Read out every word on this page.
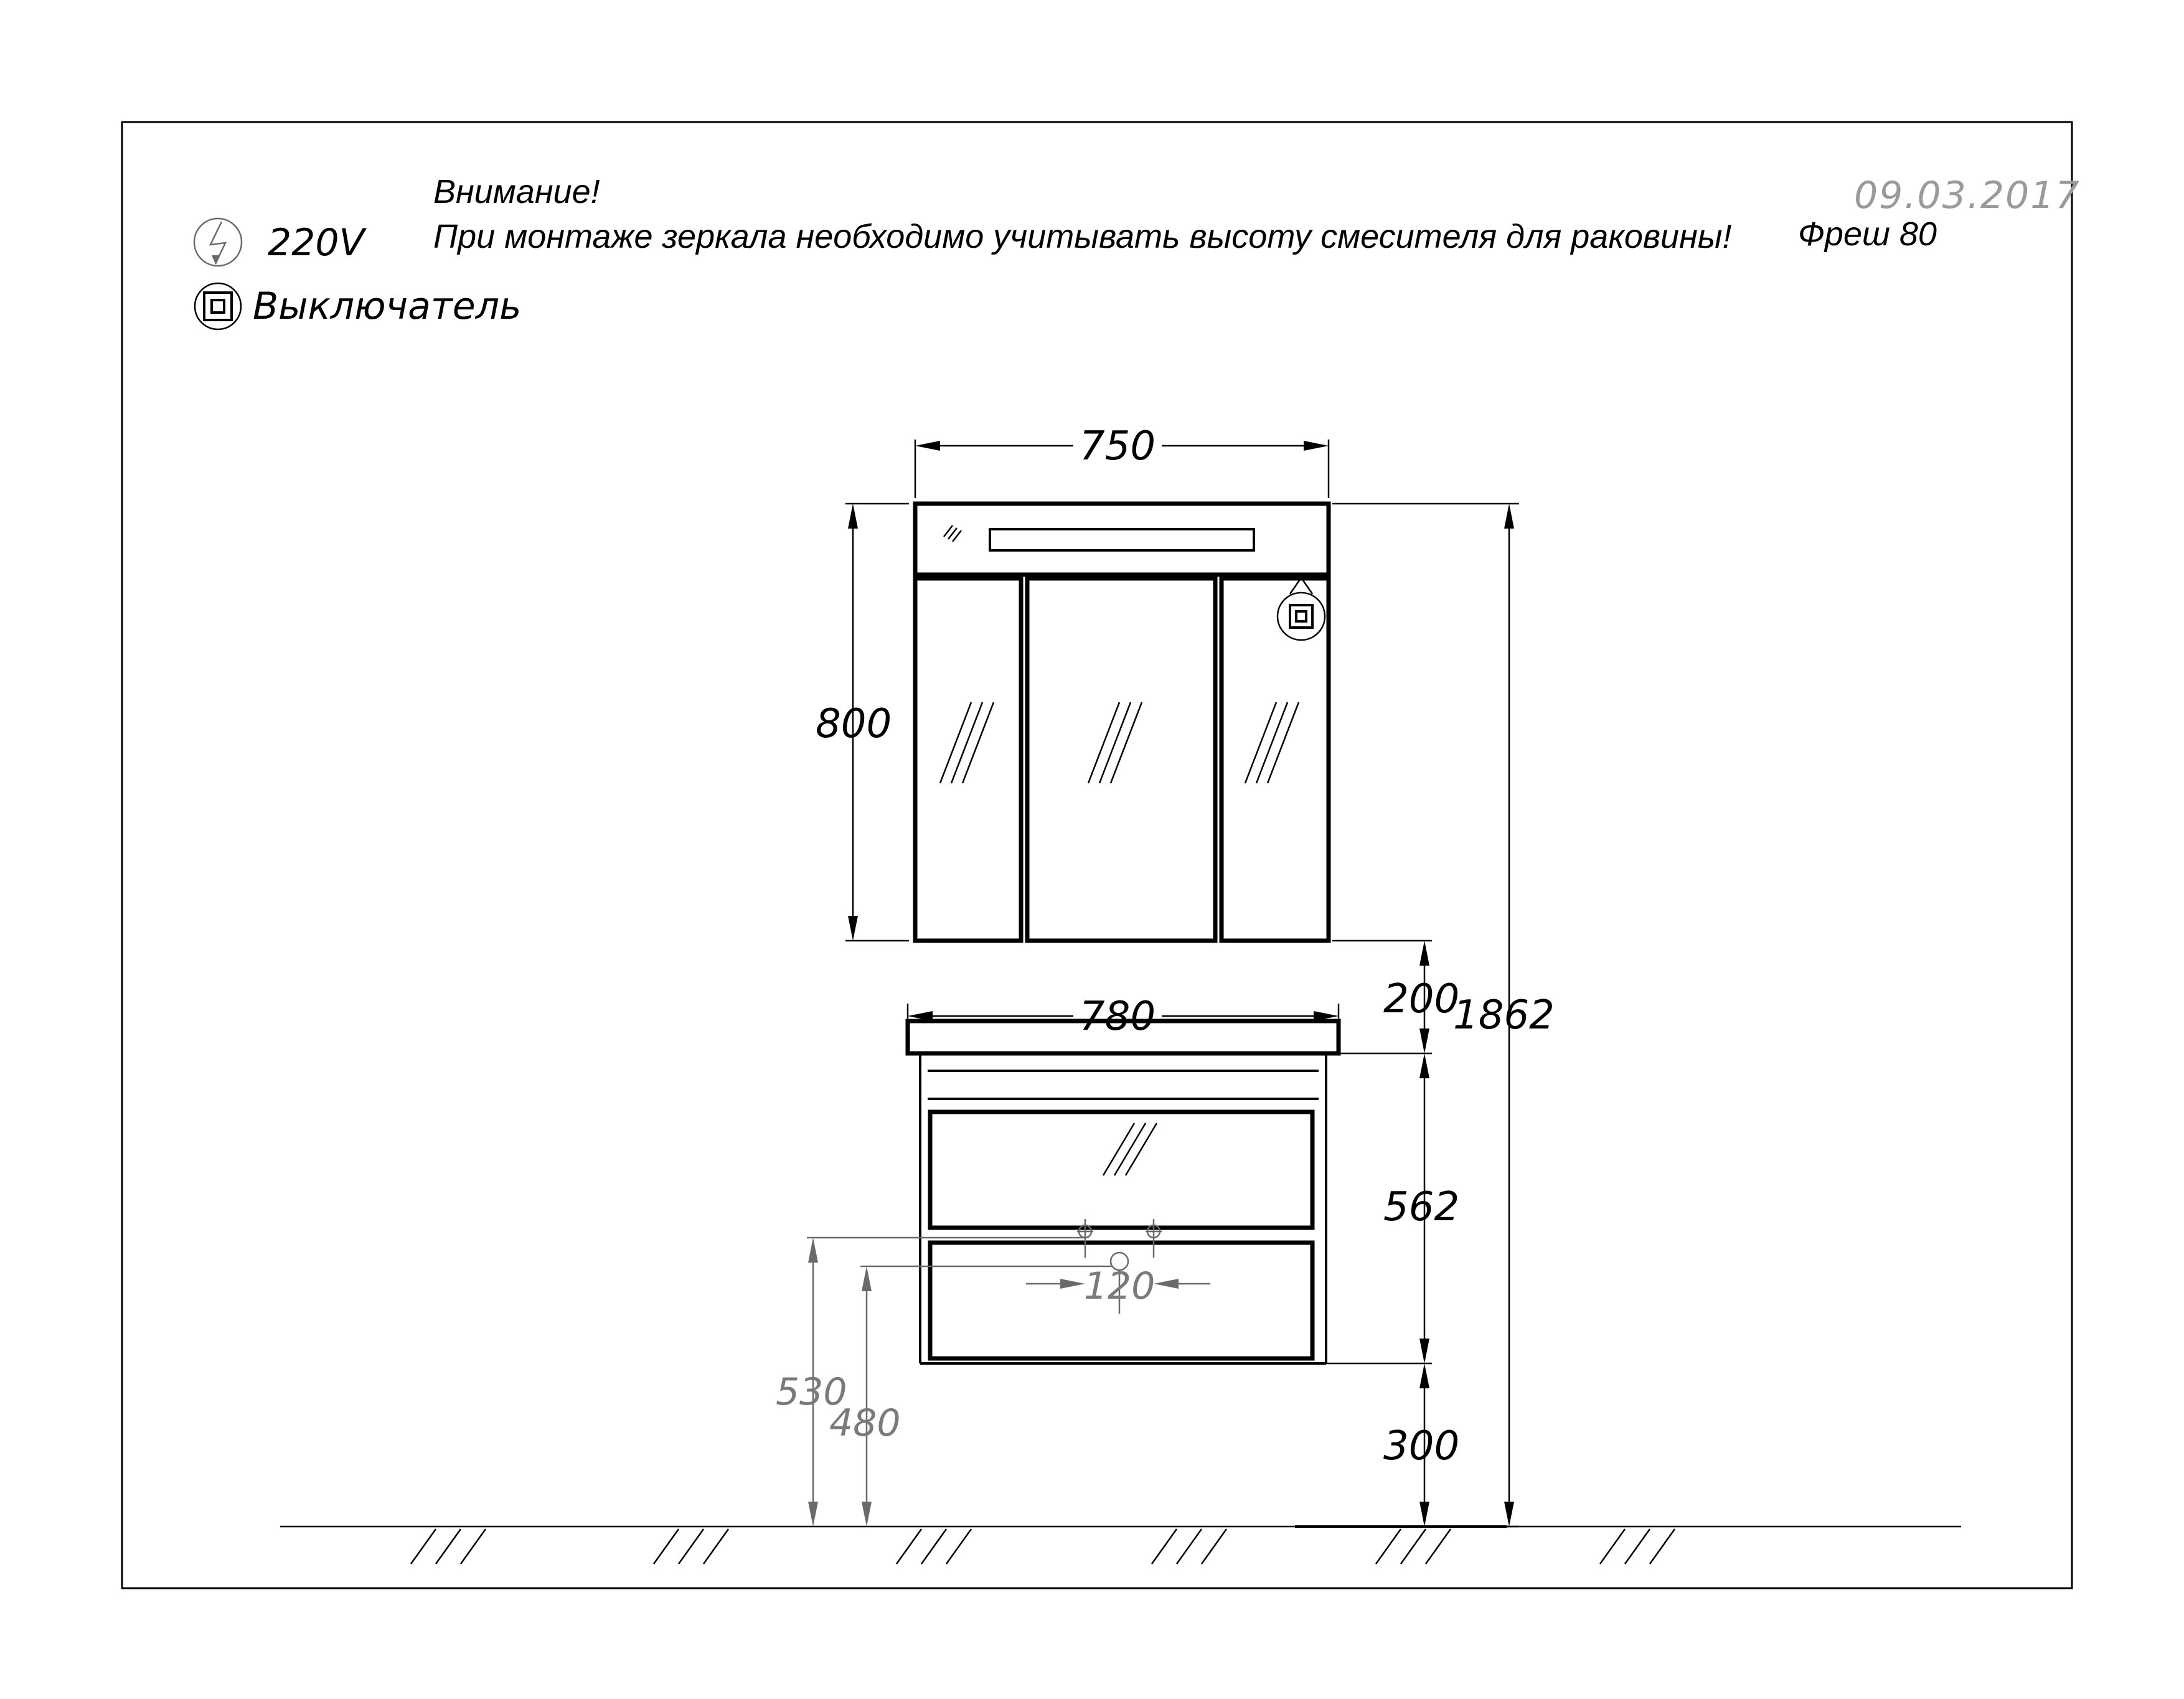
Внимание!
При монтаже зеркала необходимо учитывать высоту смесителя для раковины! Фреш 80
09.03.2017
220V
Выключатель
750
800
780	200
562
300
1862
120
530
480
